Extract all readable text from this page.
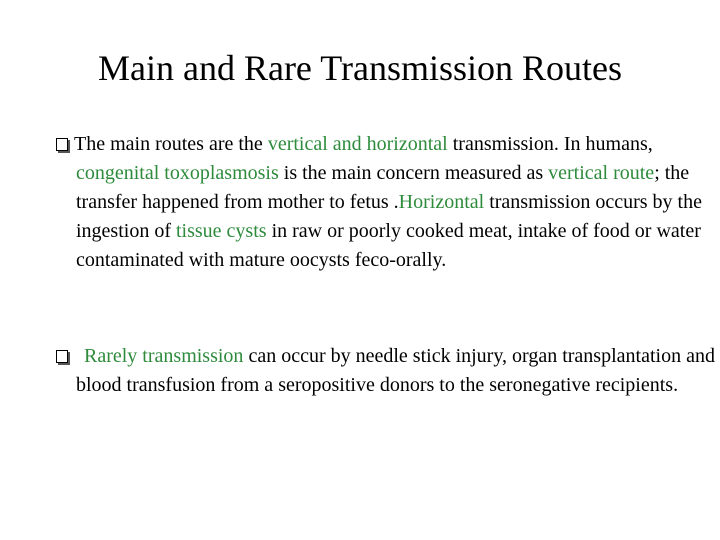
Main and Rare Transmission Routes
The main routes are the vertical and horizontal transmission. In humans, congenital toxoplasmosis is the main concern measured as vertical route; the transfer happened from mother to fetus .Horizontal transmission occurs by the ingestion of tissue cysts in raw or poorly cooked meat, intake of food or water contaminated with mature oocysts feco-orally.
Rarely transmission can occur by needle stick injury, organ transplantation and blood transfusion from a seropositive donors to the seronegative recipients.
